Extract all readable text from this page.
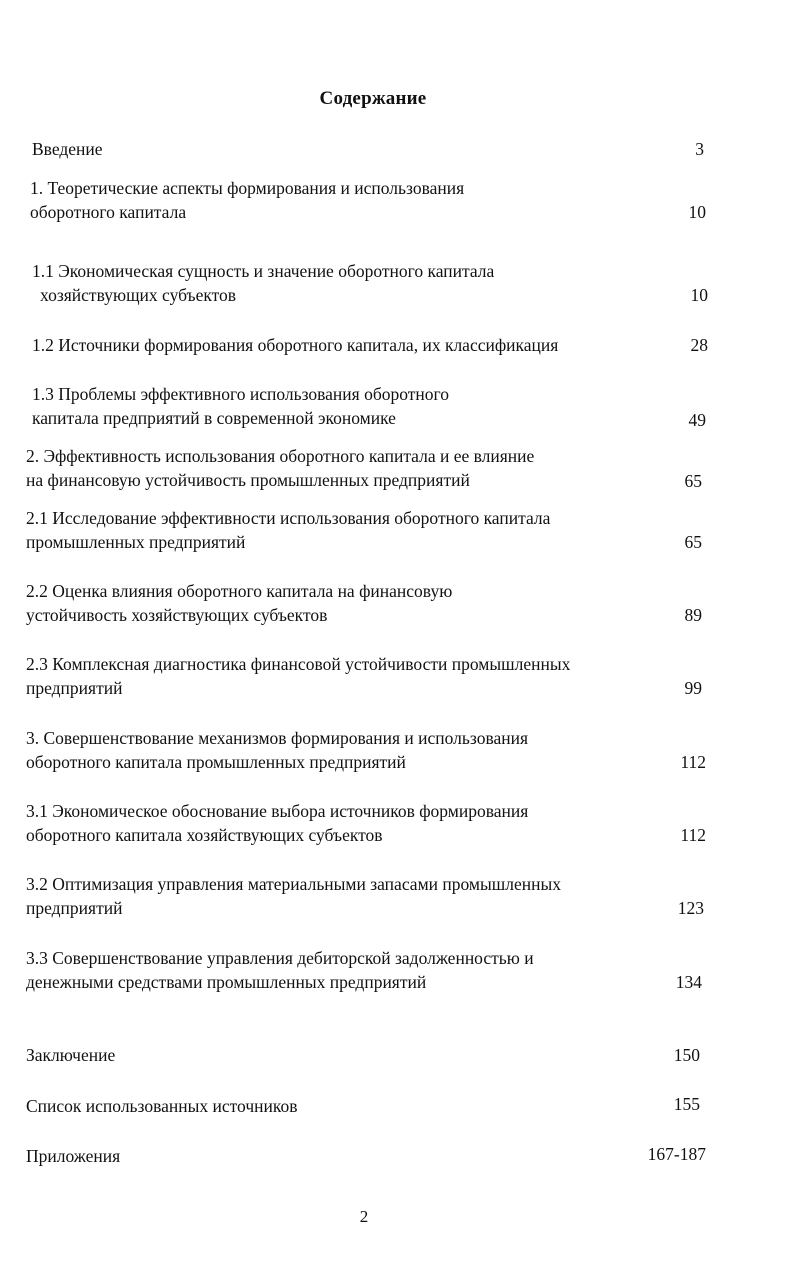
Содержание
Введение	3
1. Теоретические аспекты формирования и использования
оборотного капитала	10
1.1 Экономическая сущность и значение оборотного капитала
хозяйствующих субъектов	10
1.2 Источники формирования оборотного капитала, их классификация	28
1.3 Проблемы эффективного использования оборотного
капитала предприятий в современной экономике	49
2. Эффективность использования оборотного капитала и ее влияние
на финансовую устойчивость промышленных предприятий	65
2.1 Исследование эффективности использования оборотного капитала
промышленных предприятий	65
2.2 Оценка влияния оборотного капитала на финансовую
устойчивость хозяйствующих субъектов	89
2.3 Комплексная диагностика финансовой устойчивости промышленных
предприятий	99
3. Совершенствование механизмов формирования и использования
оборотного капитала промышленных предприятий	112
3.1 Экономическое обоснование выбора источников формирования
оборотного капитала хозяйствующих субъектов	112
3.2 Оптимизация управления материальными запасами промышленных
предприятий	123
3.3 Совершенствование управления дебиторской задолженностью и
денежными средствами промышленных предприятий	134
Заключение	150
Список использованных источников	155
Приложения	167-187
2
